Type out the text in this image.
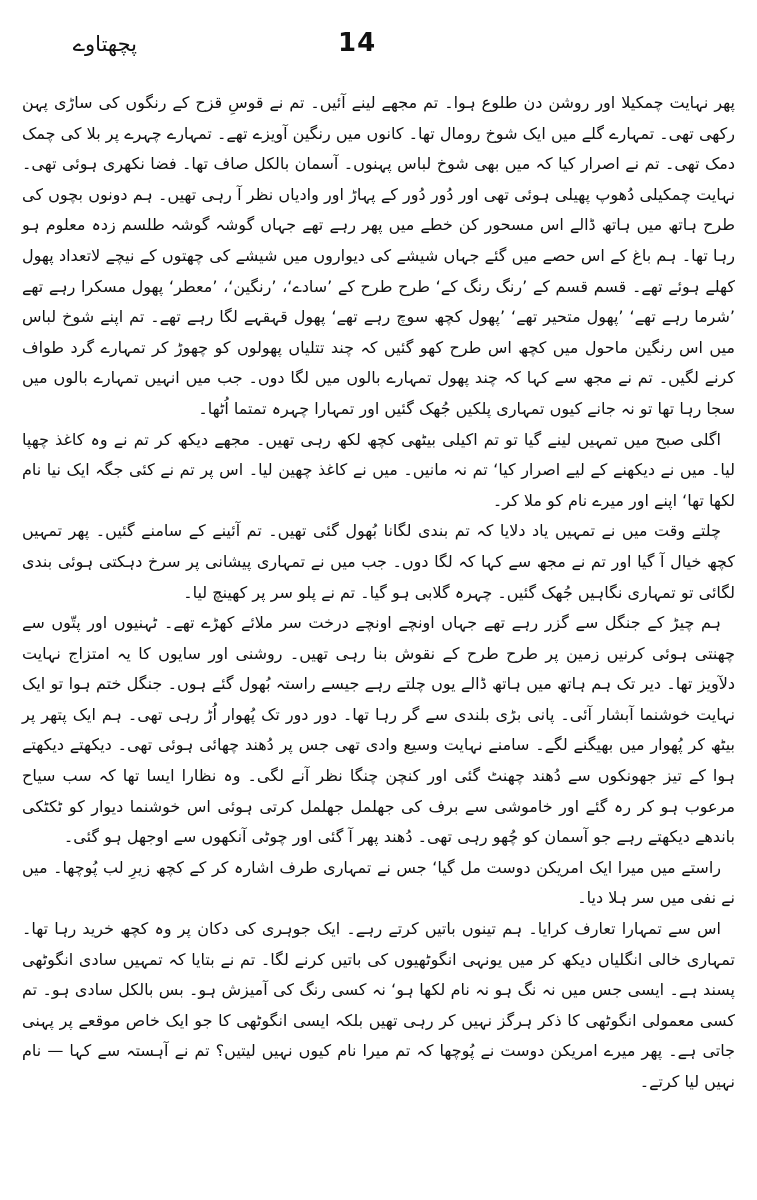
پچھتاوے	14

پھر نہایت چمکیلا اور روشن دن طلوع ہوا۔ تم مجھے لینے آئیں۔ تم نے قوسِ قزح کے رنگوں کی ساڑی پہن رکھی تھی۔ تمہارے گلے میں ایک شوخ رومال تھا۔ کانوں میں رنگین آویزے تھے۔ تمہارے چہرے پر بلا کی چمک دمک تھی۔ تم نے اصرار کیا کہ میں بھی شوخ لباس پہنوں۔ آسمان بالکل صاف تھا۔ فضا نکھری ہوئی تھی۔ نہایت چمکیلی دُھوپ پھیلی ہوئی تھی اور دُور دُور کے پہاڑ اور وادیاں نظر آ رہی تھیں۔ ہم دونوں بچوں کی طرح ہاتھ میں ہاتھ ڈالے اس مسحور کن خطے میں پھر رہے تھے جہاں گوشہ گوشہ طلسم زدہ معلوم ہو رہا تھا۔ ہم باغ کے اس حصے میں گئے جہاں شیشے کی دیواروں میں شیشے کی چھتوں کے نیچے لاتعداد پھول کھلے ہوئے تھے۔ قسم قسم کے ’رنگ رنگ کے‘ طرح طرح کے ’سادے‘، ’رنگین‘، ’معطر‘ پھول مسکرا رہے تھے ’شرما رہے تھے‘ ’پھول متحیر تھے‘ ’پھول کچھ سوچ رہے تھے‘ پھول قہقہے لگا رہے تھے۔ تم اپنے شوخ لباس میں اس رنگین ماحول میں کچھ اس طرح کھو گئیں کہ چند تتلیاں پھولوں کو چھوڑ کر تمہارے گرد طواف کرنے لگیں۔ تم نے مجھ سے کہا کہ چند پھول تمہارے بالوں میں لگا دوں۔ جب میں انہیں تمہارے بالوں میں سجا رہا تھا تو نہ جانے کیوں تمہاری پلکیں جُھک گئیں اور تمہارا چہرہ تمتما اُٹھا۔

اگلی صبح میں تمہیں لینے گیا تو تم اکیلی بیٹھی کچھ لکھ رہی تھیں۔ مجھے دیکھ کر تم نے وہ کاغذ چھپا لیا۔ میں نے دیکھنے کے لیے اصرار کیا‘ تم نہ مانیں۔ میں نے کاغذ چھین لیا۔ اس پر تم نے کئی جگہ ایک نیا نام لکھا تھا‘ اپنے اور میرے نام کو ملا کر۔

چلتے وقت میں نے تمہیں یاد دلایا کہ تم بندی لگانا بُھول گئی تھیں۔ تم آئینے کے سامنے گئیں۔ پھر تمہیں کچھ خیال آ گیا اور تم نے مجھ سے کہا کہ لگا دوں۔ جب میں نے تمہاری پیشانی پر سرخ دہکتی ہوئی بندی لگائی تو تمہاری نگاہیں جُھک گئیں۔ چہرہ گلابی ہو گیا۔ تم نے پلو سر پر کھینچ لیا۔

ہم چیڑ کے جنگل سے گزر رہے تھے جہاں اونچے اونچے درخت سر ملائے کھڑے تھے۔ ٹہنیوں اور پتّوں سے چھنتی ہوئی کرنیں زمین پر طرح طرح کے نقوش بنا رہی تھیں۔ روشنی اور سایوں کا یہ امتزاج نہایت دلآویز تھا۔ دیر تک ہم ہاتھ میں ہاتھ ڈالے یوں چلتے رہے جیسے راستہ بُھول گئے ہوں۔ جنگل ختم ہوا تو ایک نہایت خوشنما آبشار آئی۔ پانی بڑی بلندی سے گر رہا تھا۔ دور دور تک پُھوار اُڑ رہی تھی۔ ہم ایک پتھر پر بیٹھ کر پُھوار میں بھیگنے لگے۔ سامنے نہایت وسیع وادی تھی جس پر دُھند چھائی ہوئی تھی۔ دیکھتے دیکھتے ہوا کے تیز جھونکوں سے دُھند چھنٹ گئی اور کنچن چنگا نظر آنے لگی۔ وہ نظارا ایسا تھا کہ سب سیاح مرعوب ہو کر رہ گئے اور خاموشی سے برف کی جھلمل جھلمل کرتی ہوئی اس خوشنما دیوار کو ٹکٹکی باندھے دیکھتے رہے جو آسمان کو چُھو رہی تھی۔ دُھند پھر آ گئی اور چوٹی آنکھوں سے اوجھل ہو گئی۔

راستے میں میرا ایک امریکن دوست مل گیا‘ جس نے تمہاری طرف اشارہ کر کے کچھ زیرِ لب پُوچھا۔ میں نے نفی میں سر ہلا دیا۔

اس سے تمہارا تعارف کرایا۔ ہم تینوں باتیں کرتے رہے۔ ایک جوہری کی دکان پر وہ کچھ خرید رہا تھا۔ تمہاری خالی انگلیاں دیکھ کر میں یونہی انگوٹھیوں کی باتیں کرنے لگا۔ تم نے بتایا کہ تمہیں سادی انگوٹھی پسند ہے۔ ایسی جس میں نہ نگ ہو نہ نام لکھا ہو‘ نہ کسی رنگ کی آمیزش ہو۔ بس بالکل سادی ہو۔ تم کسی معمولی انگوٹھی کا ذکر ہرگز نہیں کر رہی تھیں بلکہ ایسی انگوٹھی کا جو ایک خاص موقعے پر پہنی جاتی ہے۔ پھر میرے امریکن دوست نے پُوچھا کہ تم میرا نام کیوں نہیں لیتیں؟ تم نے آہستہ سے کہا — نام نہیں لیا کرتے۔
